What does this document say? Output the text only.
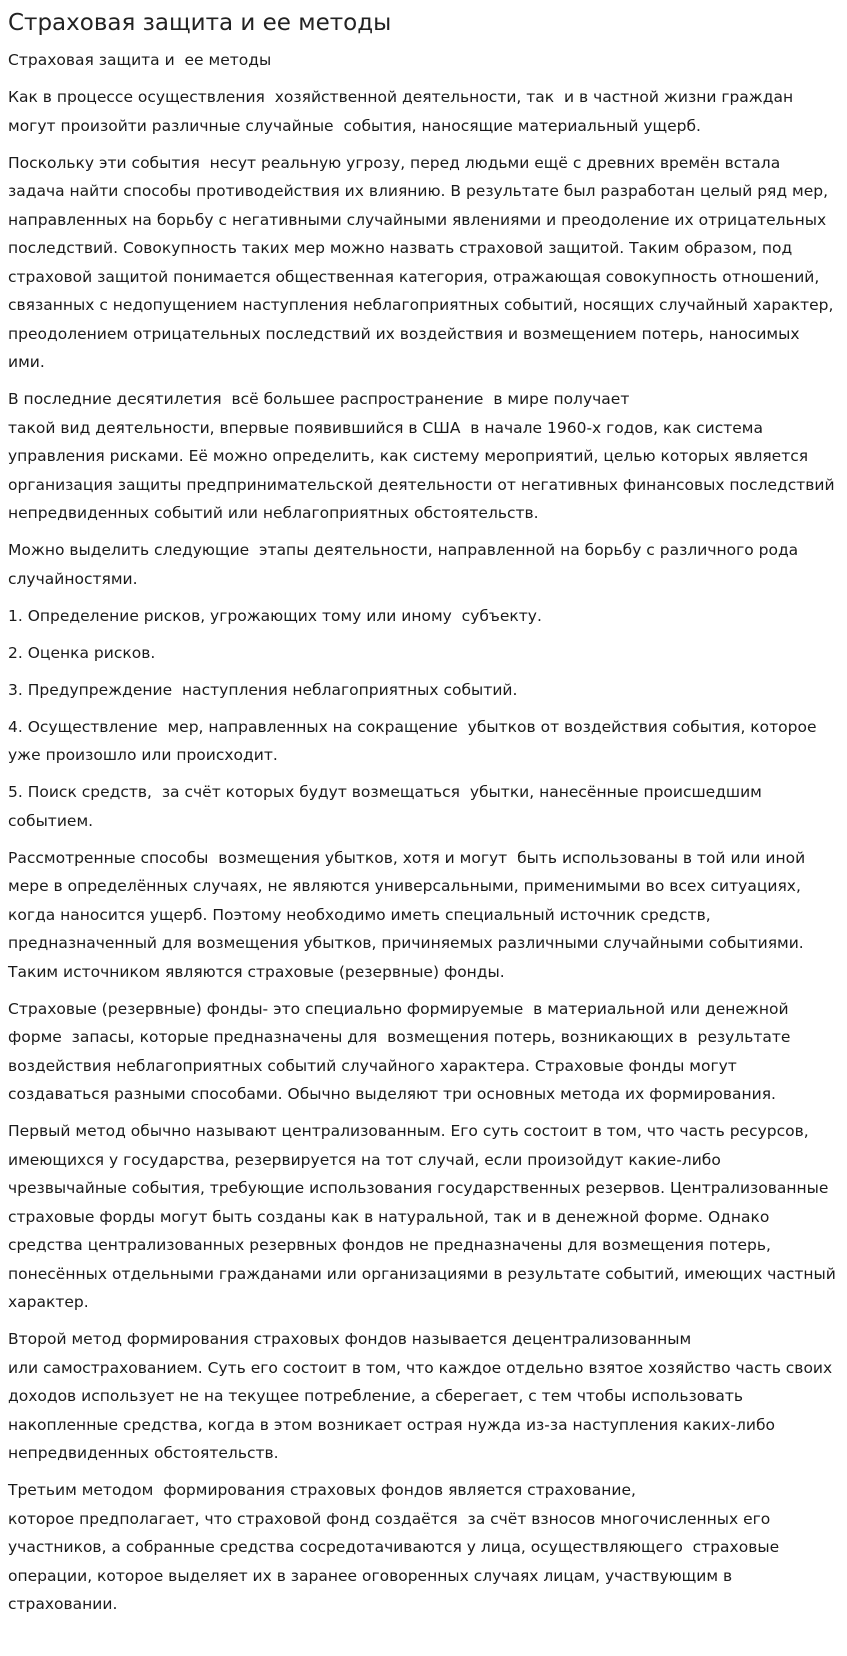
Страховая защита и ее методы

Страховая защита и  ее методы

Как в процессе осуществления  хозяйственной деятельности, так  и в частной жизни граждан могут произойти различные случайные  события, наносящие материальный ущерб.

Поскольку эти события  несут реальную угрозу, перед людьми ещё с древних времён встала задача найти способы противодействия их влиянию. В результате был разработан целый ряд мер, направленных на борьбу с негативными случайными явлениями и преодоление их отрицательных последствий. Совокупность таких мер можно назвать страховой защитой. Таким образом, под страховой защитой понимается общественная категория, отражающая совокупность отношений, связанных с недопущением наступления неблагоприятных событий, носящих случайный характер, преодолением отрицательных последствий их воздействия и возмещением потерь, наносимых ими.

В последние десятилетия  всё большее распространение  в мире получает
такой вид деятельности, впервые появившийся в США  в начале 1960-х годов, как система управления рисками. Её можно определить, как систему мероприятий, целью которых является организация защиты предпринимательской деятельности от негативных финансовых последствий непредвиденных событий или неблагоприятных обстоятельств.

Можно выделить следующие  этапы деятельности, направленной на борьбу с различного рода случайностями.

1. Определение рисков, угрожающих тому или иному  субъекту.

2. Оценка рисков.

3. Предупреждение  наступления неблагоприятных событий.

4. Осуществление  мер, направленных на сокращение  убытков от воздействия события, которое уже произошло или происходит.

5. Поиск средств,  за счёт которых будут возмещаться  убытки, нанесённые происшедшим событием.

Рассмотренные способы  возмещения убытков, хотя и могут  быть использованы в той или иной мере в определённых случаях, не являются универсальными, применимыми во всех ситуациях, когда наносится ущерб. Поэтому необходимо иметь специальный источник средств, предназначенный для возмещения убытков, причиняемых различными случайными событиями. Таким источником являются страховые (резервные) фонды.

Страховые (резервные) фонды- это специально формируемые  в материальной или денежной форме  запасы, которые предназначены для  возмещения потерь, возникающих в  результате воздействия неблагоприятных событий случайного характера. Страховые фонды могут создаваться разными способами. Обычно выделяют три основных метода их формирования.

Первый метод обычно называют централизованным. Его суть состоит в том, что часть ресурсов, имеющихся у государства, резервируется на тот случай, если произойдут какие-либо чрезвычайные события, требующие использования государственных резервов. Централизованные страховые форды могут быть созданы как в натуральной, так и в денежной форме. Однако средства централизованных резервных фондов не предназначены для возмещения потерь, понесённых отдельными гражданами или организациями в результате событий, имеющих частный характер.

Второй метод формирования страховых фондов называется децентрализованным
или самострахованием. Суть его состоит в том, что каждое отдельно взятое хозяйство часть своих доходов использует не на текущее потребление, а сберегает, с тем чтобы использовать накопленные средства, когда в этом возникает острая нужда из-за наступления каких-либо непредвиденных обстоятельств.

Третьим методом  формирования страховых фондов является страхование,
которое предполагает, что страховой фонд создаётся  за счёт взносов многочисленных его участников, а собранные средства сосредотачиваются у лица, осуществляющего  страховые операции, которое выделяет их в заранее оговоренных случаях лицам, участвующим в страховании.
